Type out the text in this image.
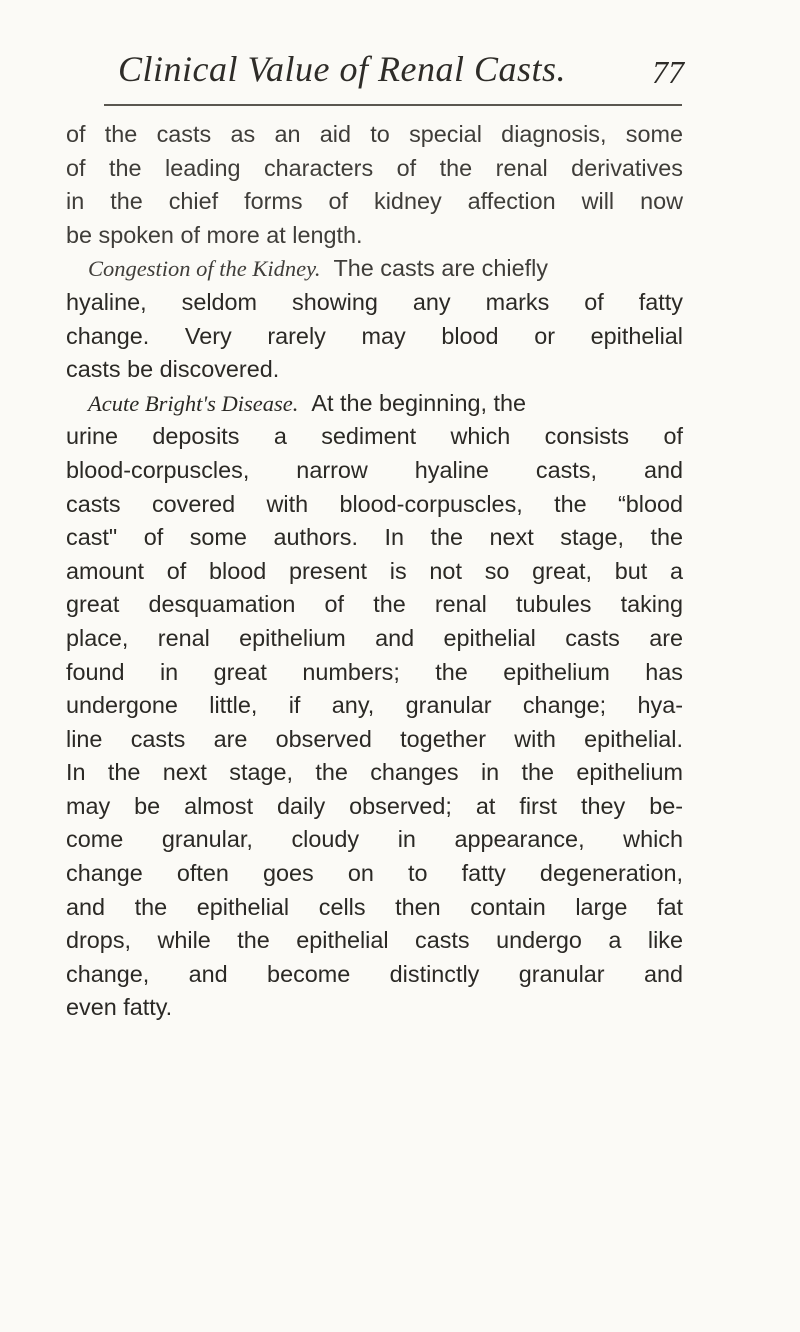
Clinical Value of Renal Casts.	77
of the casts as an aid to special diagnosis, some
of the leading characters of the renal derivatives
in the chief forms of kidney affection will now
be spoken of more at length.
Congestion of the Kidney. The casts are chiefly
hyaline, seldom showing any marks of fatty
change. Very rarely may blood or epithelial
casts be discovered.
Acute Bright's Disease. At the beginning, the
urine deposits a sediment which consists of
blood-corpuscles, narrow hyaline casts, and
casts covered with blood-corpuscles, the “blood
cast" of some authors. In the next stage, the
amount of blood present is not so great, but a
great desquamation of the renal tubules taking
place, renal epithelium and epithelial casts are
found in great numbers; the epithelium has
undergone little, if any, granular change; hya-
line casts are observed together with epithelial.
In the next stage, the changes in the epithelium
may be almost daily observed; at first they be-
come granular, cloudy in appearance, which
change often goes on to fatty degeneration,
and the epithelial cells then contain large fat
drops, while the epithelial casts undergo a like
change, and become distinctly granular and
even fatty.
